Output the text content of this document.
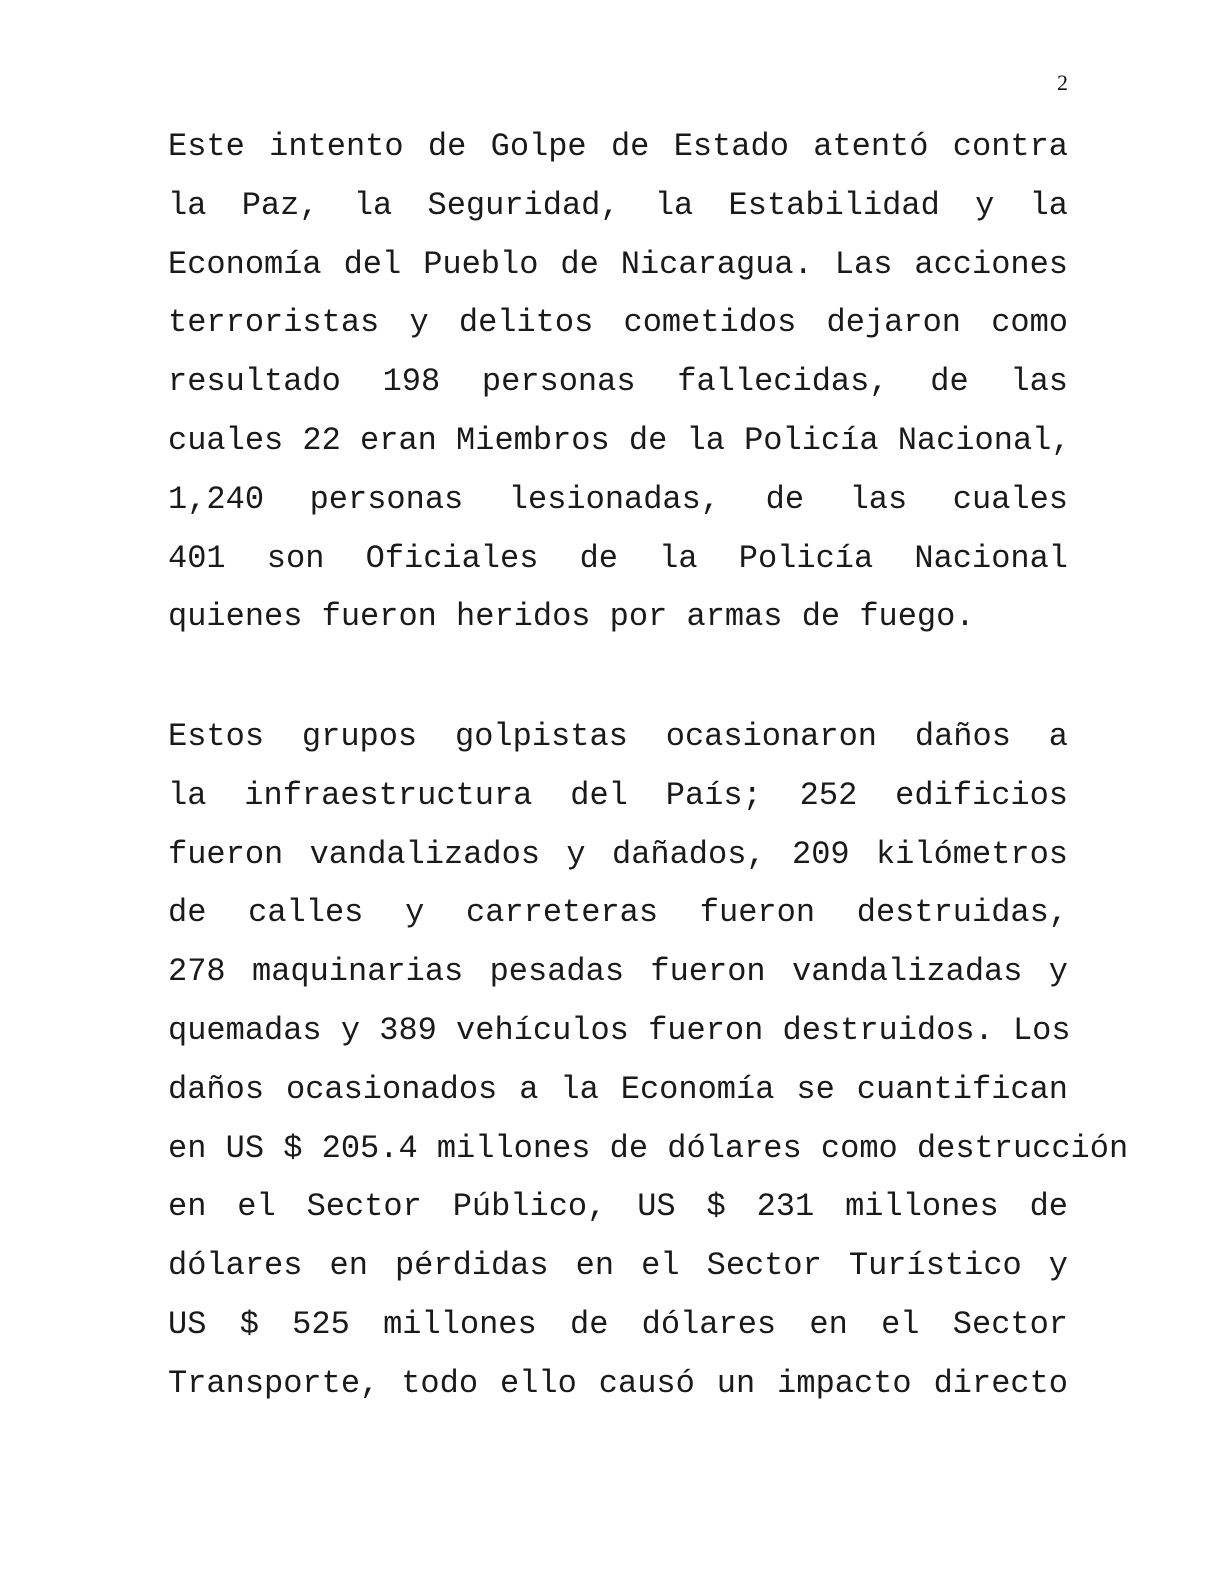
2
Este intento de Golpe de Estado atentó contra
la Paz, la Seguridad, la Estabilidad y la
Economía del Pueblo de Nicaragua. Las acciones
terroristas y delitos cometidos dejaron como
resultado 198 personas fallecidas, de las
cuales 22 eran Miembros de la Policía Nacional,
1,240 personas lesionadas, de las cuales
401 son Oficiales de la Policía Nacional
quienes fueron heridos por armas de fuego.
Estos grupos golpistas ocasionaron daños a
la infraestructura del País; 252 edificios
fueron vandalizados y dañados, 209 kilómetros
de calles y carreteras fueron destruidas,
278 maquinarias pesadas fueron vandalizadas y
quemadas y 389 vehículos fueron destruidos. Los
daños ocasionados a la Economía se cuantifican
en US $ 205.4 millones de dólares como destrucción
en el Sector Público, US $ 231 millones de
dólares en pérdidas en el Sector Turístico y
US $ 525 millones de dólares en el Sector
Transporte, todo ello causó un impacto directo
